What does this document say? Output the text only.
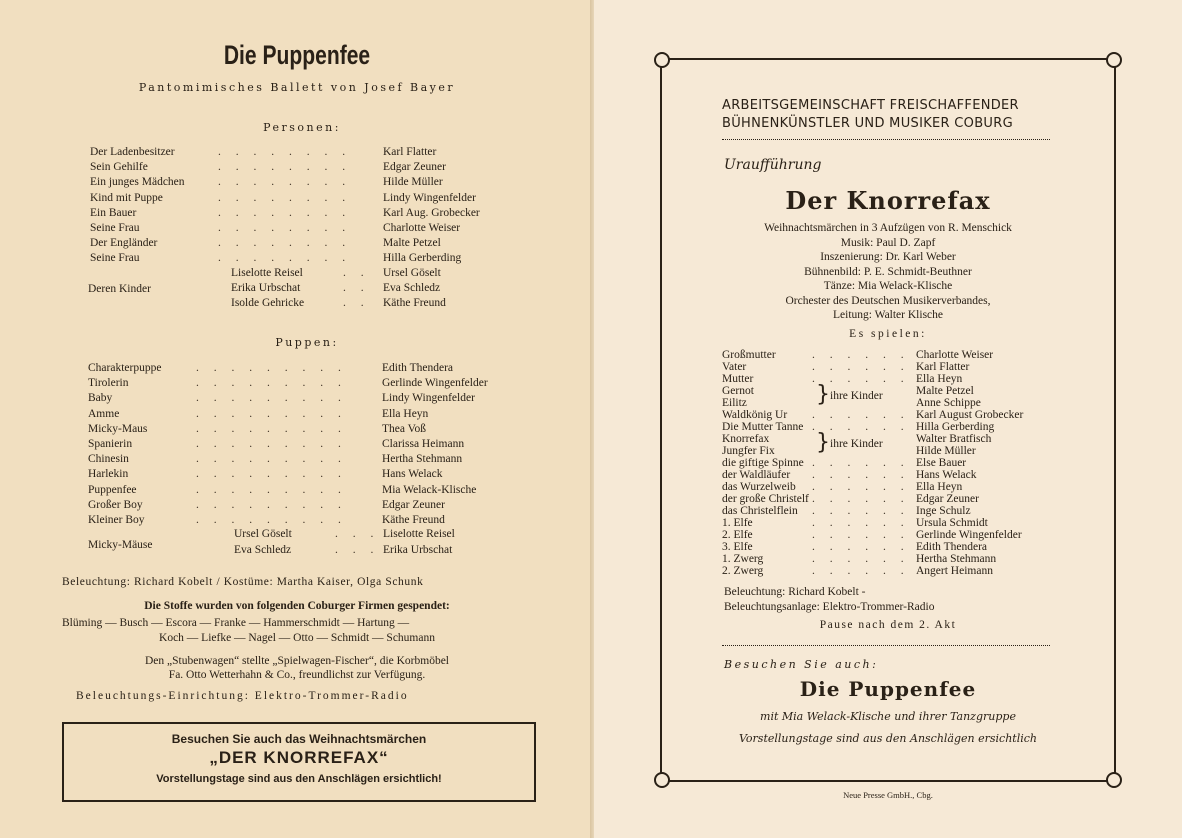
Die Puppenfee
Pantomimisches Ballett von Josef Bayer
Personen:
Der Ladenbesitzer	. . . . . . . .	Karl Flatter
Sein Gehilfe	. . . . . . . .	Edgar Zeuner
Ein junges Mädchen	. . . . . . . .	Hilde Müller
Kind mit Puppe	. . . . . . . .	Lindy Wingenfelder
Ein Bauer	. . . . . . . .	Karl Aug. Grobecker
Seine Frau	. . . . . . . .	Charlotte Weiser
Der Engländer	. . . . . . . .	Malte Petzel
Seine Frau	. . . . . . . .	Hilla Gerberding
Deren Kinder
Liselotte Reisel	. . Ursel Göselt
Erika Urbschat	. . Eva Schledz
Isolde Gehricke	. . Käthe Freund
Puppen:
Charakterpuppe	. . . . . . . . .	Edith Thendera
Tirolerin	. . . . . . . . .	Gerlinde Wingenfelder
Baby	. . . . . . . . .	Lindy Wingenfelder
Amme	. . . . . . . . .	Ella Heyn
Micky-Maus	. . . . . . . . .	Thea Voß
Spanierin	. . . . . . . . .	Clarissa Heimann
Chinesin	. . . . . . . . .	Hertha Stehmann
Harlekin	. . . . . . . . .	Hans Welack
Puppenfee	. . . . . . . . .	Mia Welack-Klische
Großer Boy	. . . . . . . . .	Edgar Zeuner
Kleiner Boy	. . . . . . . . .	Käthe Freund
Micky-Mäuse
Ursel Göselt	. . . Liselotte Reisel
Eva Schledz	. . . Erika Urbschat
Beleuchtung: Richard Kobelt / Kostüme: Martha Kaiser, Olga Schunk
Die Stoffe wurden von folgenden Coburger Firmen gespendet:
Blüming — Busch — Escora — Franke — Hammerschmidt — Hartung —
Koch — Liefke — Nagel — Otto — Schmidt — Schumann
Den „Stubenwagen“ stellte „Spielwagen-Fischer“, die Korbmöbel
Fa. Otto Wetterhahn & Co., freundlichst zur Verfügung.
Beleuchtungs-Einrichtung: Elektro-Trommer-Radio
Besuchen Sie auch das Weihnachtsmärchen
„DER KNORREFAX“
Vorstellungstage sind aus den Anschlägen ersichtlich!
ARBEITSGEMEINSCHAFT FREISCHAFFENDER
BÜHNENKÜNSTLER UND MUSIKER COBURG
Uraufführung
Der Knorrefax
Weihnachtsmärchen in 3 Aufzügen von R. Menschick
Musik: Paul D. Zapf
Inszenierung: Dr. Karl Weber
Bühnenbild: P. E. Schmidt-Beuthner
Tänze: Mia Welack-Klische
Orchester des Deutschen Musikerverbandes,
Leitung: Walter Klische
Es spielen:
Großmutter	. . . . . . Charlotte Weiser
Vater	. . . . . . Karl Flatter
Mutter	. . . . . . Ella Heyn
Gernot	Malte Petzel
Eilitz	Anne Schippe
Waldkönig Ur . . . . . . Karl August Grobecker
Die Mutter Tanne . . . . . . Hilla Gerberding
Knorrefax	Walter Bratfisch
Jungfer Fix	Hilde Müller
die giftige Spinne . . . . . . Else Bauer
der Waldläufer . . . . . . Hans Welack
das Wurzelweib . . . . . . Ella Heyn
der große Christelf . . . . . . Edgar Zeuner
das Christelflein . . . . . . Inge Schulz
1. Elfe	. . . . . . Ursula Schmidt
2. Elfe	. . . . . . Gerlinde Wingenfelder
3. Elfe	. . . . . . Edith Thendera
1. Zwerg	. . . . . . Hertha Stehmann
2. Zwerg	. . . . . . Angert Heimann
} ihre Kinder
} ihre Kinder
Beleuchtung: Richard Kobelt -
Beleuchtungsanlage: Elektro-Trommer-Radio
Pause nach dem 2. Akt
Besuchen Sie auch:
Die Puppenfee
mit Mia Welack-Klische und ihrer Tanzgruppe
Vorstellungstage sind aus den Anschlägen ersichtlich
Neue Presse GmbH., Cbg.
